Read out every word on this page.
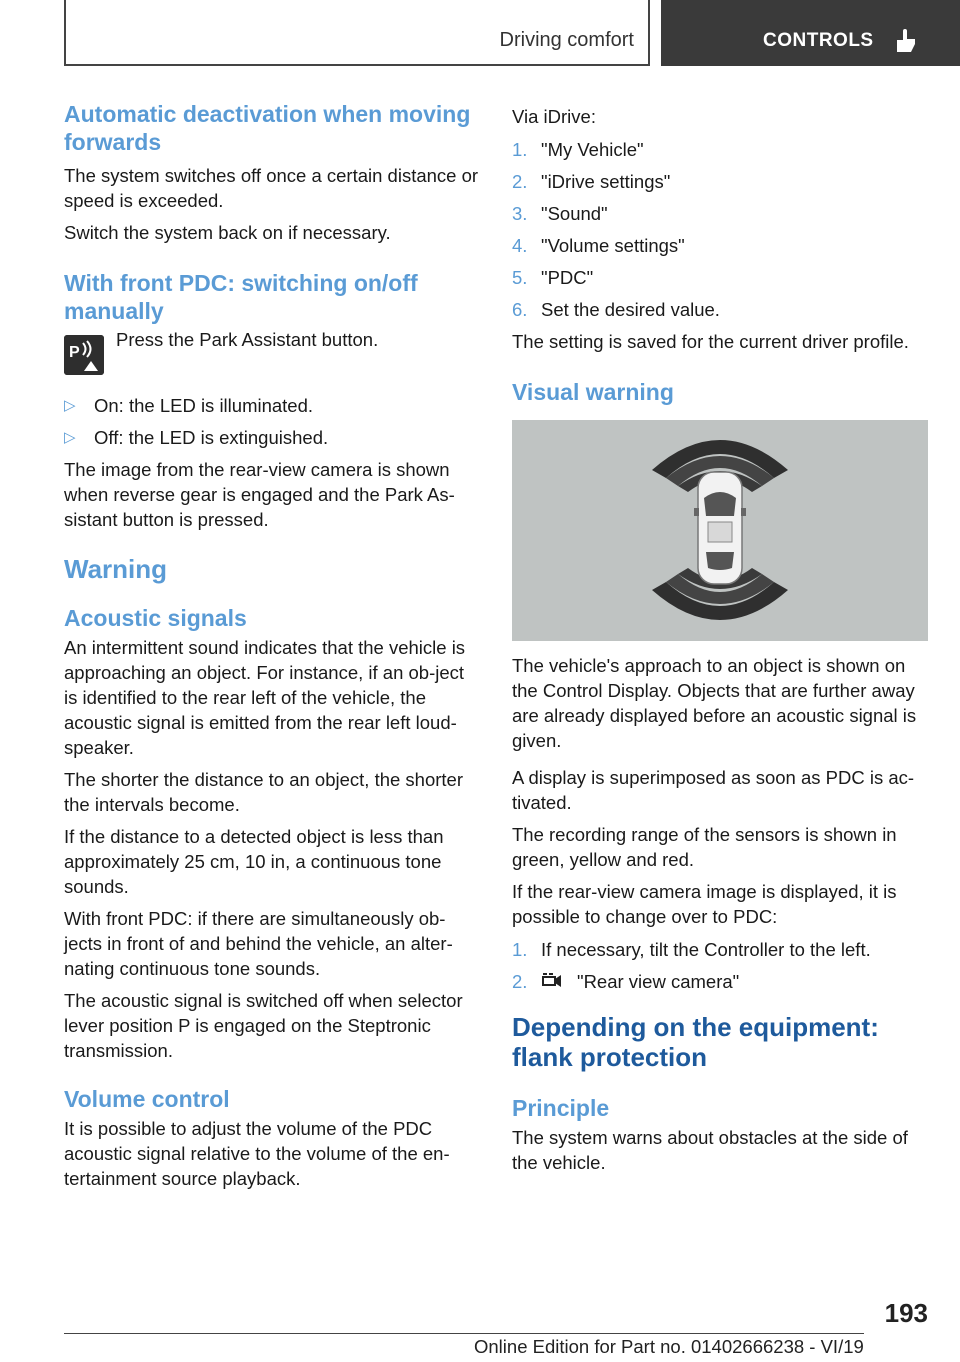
Driving comfort	CONTROLS
Automatic deactivation when moving forwards

The system switches off once a certain distance or speed is exceeded.

Switch the system back on if necessary.

With front PDC: switching on/off manually
P

Press the Park Assistant button.

▷ On: the LED is illuminated.
▷ Off: the LED is extinguished.

The image from the rear-view camera is shown when reverse gear is engaged and the Park As-sistant button is pressed.

Warning
Acoustic signals

An intermittent sound indicates that the vehicle is approaching an object. For instance, if an ob-ject is identified to the rear left of the vehicle, the acoustic signal is emitted from the rear left loud-speaker.

The shorter the distance to an object, the shorter the intervals become.

If the distance to a detected object is less than approximately 25 cm, 10 in, a continuous tone sounds.

With front PDC: if there are simultaneously ob-jects in front of and behind the vehicle, an alter-nating continuous tone sounds.

The acoustic signal is switched off when selector lever position P is engaged on the Steptronic transmission.

Volume control

It is possible to adjust the volume of the PDC acoustic signal relative to the volume of the en-tertainment source playback.

Via iDrive:

1. "My Vehicle"
2. "iDrive settings"
3. "Sound"
4. "Volume settings"
5. "PDC"
6. Set the desired value.

The setting is saved for the current driver profile.

Visual warning

The vehicle's approach to an object is shown on the Control Display. Objects that are further away are already displayed before an acoustic signal is given.

A display is superimposed as soon as PDC is ac-tivated.

The recording range of the sensors is shown in green, yellow and red.

If the rear-view camera image is displayed, it is possible to change over to PDC:

1. If necessary, tilt the Controller to the left.
2.	"Rear view camera"
Depending on the equipment: flank protection
Principle

The system warns about obstacles at the side of the vehicle.

193
Online Edition for Part no. 01402666238 - VI/19
